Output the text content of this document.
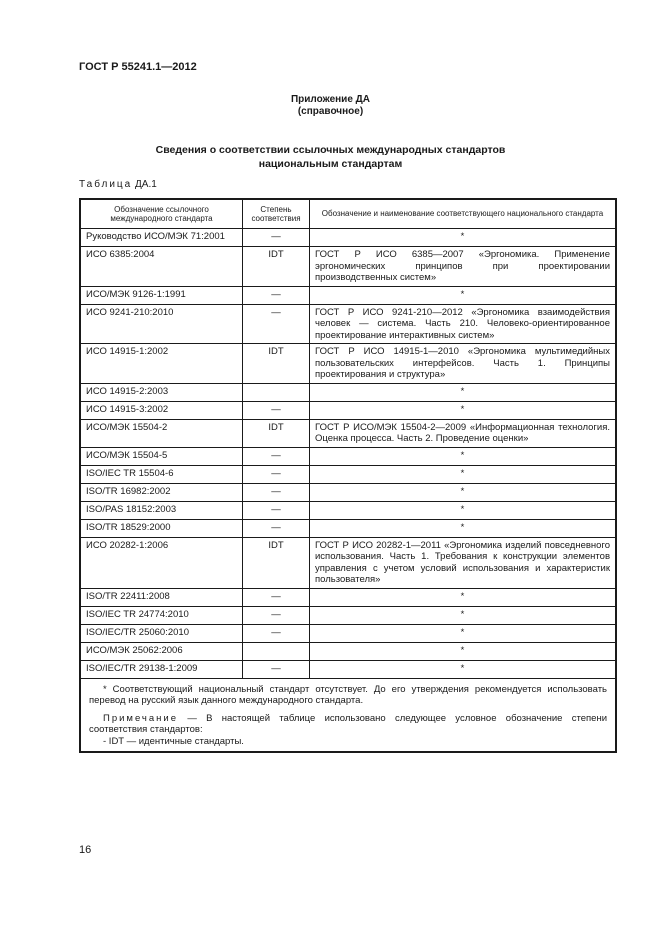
ГОСТ Р 55241.1—2012
Приложение ДА
(справочное)
Сведения о соответствии ссылочных международных стандартов
национальным стандартам
Таблица ДА.1
Обозначение ссылочного международного стандарта	Степень соответствия	Обозначение и наименование соответствующего национального стандарта
Руководство ИСО/МЭК 71:2001	—	*
ИСО 6385:2004	IDT	ГОСТ Р ИСО 6385—2007 «Эргономика. Применение эргономических принципов при проектировании производственных систем»
ИСО/МЭК 9126-1:1991	—	*
ИСО 9241-210:2010	—	ГОСТ Р ИСО 9241-210—2012 «Эргономика взаимодействия человек — система. Часть 210. Человеко-ориентированное проектирование интерактивных систем»
ИСО 14915-1:2002	IDT	ГОСТ Р ИСО 14915-1—2010 «Эргономика мультимедийных пользовательских интерфейсов. Часть 1. Принципы проектирования и структура»
ИСО 14915-2:2003		*
ИСО 14915-3:2002	—	*
ИСО/МЭК 15504-2	IDT	ГОСТ Р ИСО/МЭК 15504-2—2009 «Информационная технология. Оценка процесса. Часть 2. Проведение оценки»
ИСО/МЭК 15504-5	—	*
ISO/IEC TR 15504-6	—	*
ISO/TR 16982:2002	—	*
ISO/PAS 18152:2003	—	*
ISO/TR 18529:2000	—	*
ИСО 20282-1:2006	IDT	ГОСТ Р ИСО 20282-1—2011 «Эргономика изделий повседневного использования. Часть 1. Требования к конструкции элементов управления с учетом условий использования и характеристик пользователя»
ISO/TR 22411:2008	—	*
ISO/IEC TR 24774:2010	—	*
ISO/IEC/TR 25060:2010	—	*
ИСО/МЭК 25062:2006		*
ISO/IEC/TR 29138-1:2009	—	*

* Соответствующий национальный стандарт отсутствует. До его утверждения рекомендуется использовать перевод на русский язык данного международного стандарта.

Примечание — В настоящей таблице использовано следующее условное обозначение степени соответствия стандартов:

- IDT — идентичные стандарты.		

16
